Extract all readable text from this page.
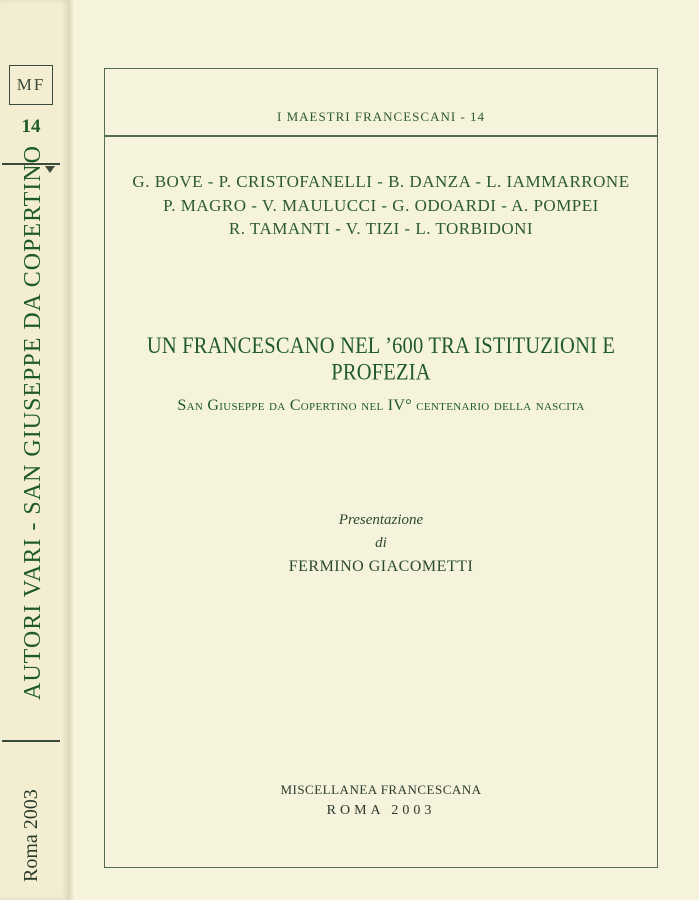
MF
14
AUTORI VARI - SAN GIUSEPPE DA COPERTINO
Roma 2003
I MAESTRI FRANCESCANI - 14
G. BOVE - P. CRISTOFANELLI - B. DANZA - L. IAMMARRONE
P. MAGRO - V. MAULUCCI - G. ODOARDI - A. POMPEI
R. TAMANTI - V. TIZI - L. TORBIDONI
UN FRANCESCANO NEL ’600 TRA ISTITUZIONI E PROFEZIA
San Giuseppe da Copertino nel IV° centenario della nascita
Presentazione
di
FERMINO GIACOMETTI
MISCELLANEA FRANCESCANA
ROMA 2003
